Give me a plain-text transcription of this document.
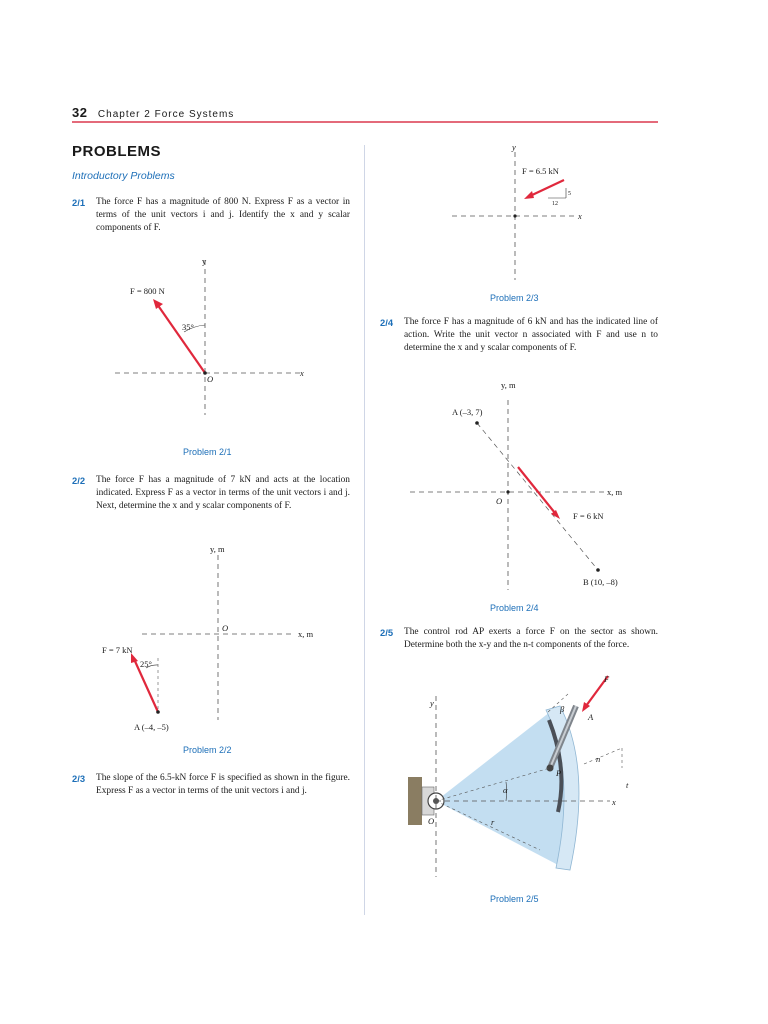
32 Chapter 2 Force Systems
PROBLEMS
Introductory Problems
2/1 The force F has a magnitude of 800 N. Express F as a vector in terms of the unit vectors i and j. Identify the x and y scalar components of F.
y
x
O
F = 800 N
35°
Problem 2/1
2/2 The force F has a magnitude of 7 kN and acts at the location indicated. Express F as a vector in terms of the unit vectors i and j. Next, determine the x and y scalar components of F.
y, m
x, m
O
F = 7 kN
25°
A (–4, –5)
Problem 2/2
2/3 The slope of the 6.5-kN force F is specified as shown in the figure. Express F as a vector in terms of the unit vectors i and j.
y
x
F = 6.5 kN
5
12
Problem 2/3
2/4 The force F has a magnitude of 6 kN and has the indicated line of action. Write the unit vector n associated with F and use n to determine the x and y scalar components of F.
y, m
x, m
O
A (–3, 7)
F = 6 kN
B (10, –8)
Problem 2/4
2/5 The control rod AP exerts a force F on the sector as shown. Determine both the x-y and the n-t components of the force.
y
x
O
F
A
P
β
α
r
n
t
Problem 2/5
